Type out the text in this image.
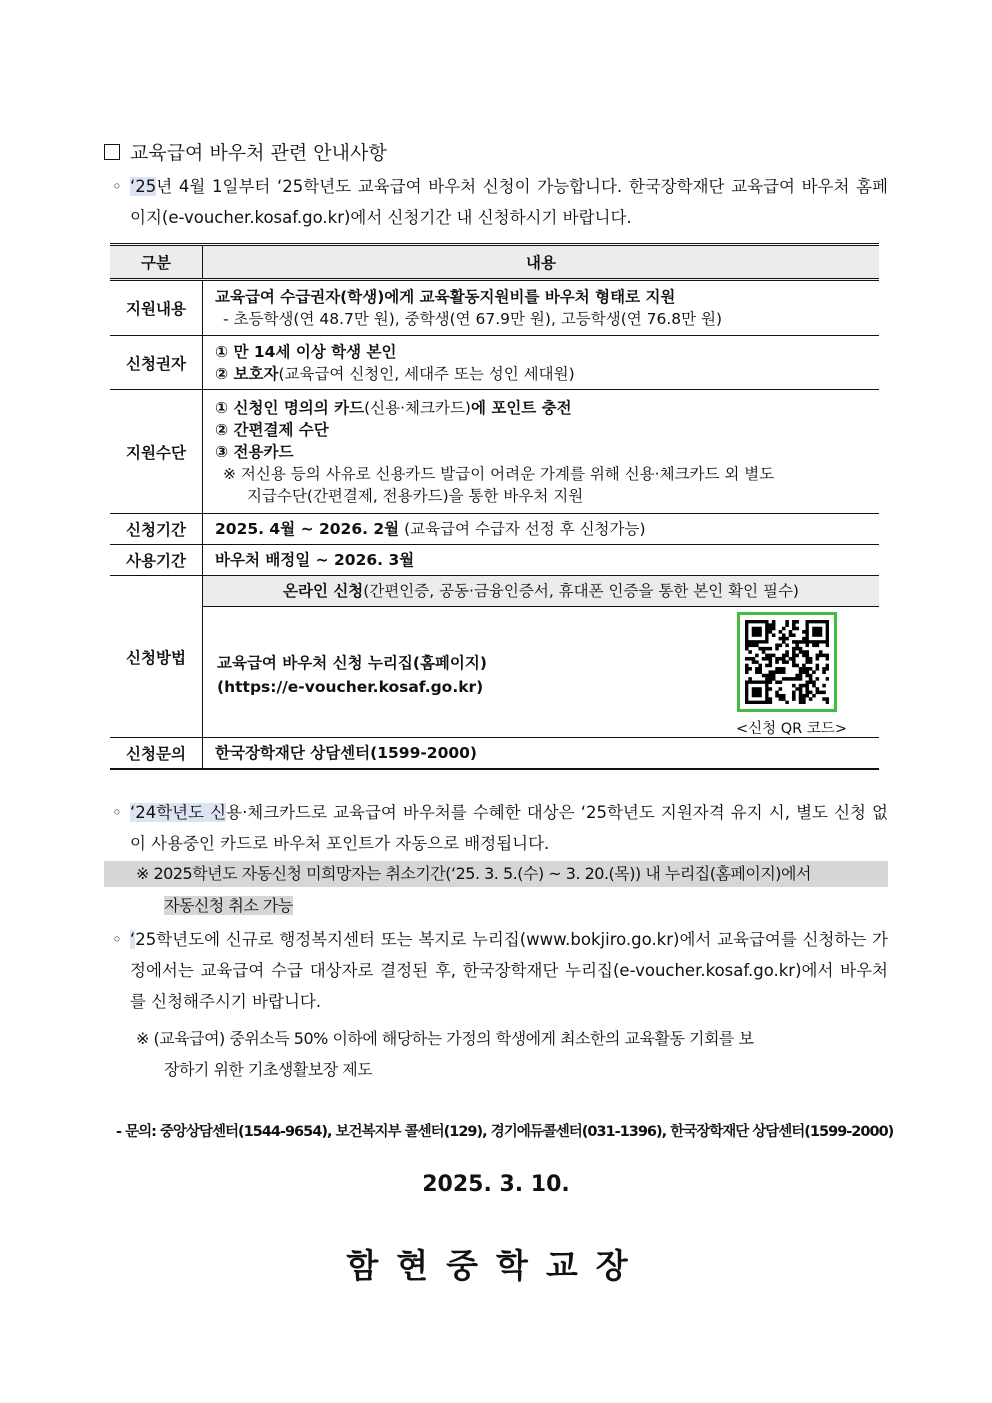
교육급여 바우처 관련 안내사항
◦ ‘25년 4월 1일부터 ‘25학년도 교육급여 바우처 신청이 가능합니다. 한국장학재단 교육급여 바우처 홈페이지(e-voucher.kosaf.go.kr)에서 신청기간 내 신청하시기 바랍니다.
구분	내용
지원내용	교육급여 수급권자(학생)에게 교육활동지원비를 바우처 형태로 지원
- 초등학생(연 48.7만 원), 중학생(연 67.9만 원), 고등학생(연 76.8만 원)

신청권자	① 만 14세 이상 학생 본인
② 보호자(교육급여 신청인, 세대주 또는 성인 세대원)

지원수단	① 신청인 명의의 카드(신용·체크카드)에 포인트 충전
② 간편결제 수단
③ 전용카드
※ 저신용 등의 사유로 신용카드 발급이 어려운 가계를 위해 신용·체크카드 외 별도
지급수단(간편결제, 전용카드)을 통한 바우처 지원

신청기간	2025. 4월 ~ 2026. 2월 (교육급여 수급자 선정 후 신청가능)
사용기간	바우처 배정일 ~ 2026. 3월
신청방법	온라인 신청(간편인증, 공동·금융인증서, 휴대폰 인증을 통한 본인 확인 필수)
교육급여 바우처 신청 누리집(홈페이지)
(https://e-voucher.kosaf.go.kr)
<신청 QR 코드>

신청문의	한국장학재단 상담센터(1599-2000)
◦ ‘24학년도 신용·체크카드로 교육급여 바우처를 수혜한 대상은 ‘25학년도 지원자격 유지 시, 별도 신청 없이 사용중인 카드로 바우처 포인트가 자동으로 배정됩니다.
※ 2025학년도 자동신청 미희망자는 취소기간(‘25. 3. 5.(수) ~ 3. 20.(목)) 내 누리집(홈페이지)에서
자동신청 취소 가능
◦ ‘25학년도에 신규로 행정복지센터 또는 복지로 누리집(www.bokjiro.go.kr)에서 교육급여를 신청하는 가정에서는 교육급여 수급 대상자로 결정된 후, 한국장학재단 누리집(e-voucher.kosaf.go.kr)에서 바우처를 신청해주시기 바랍니다.
※ (교육급여) 중위소득 50% 이하에 해당하는 가정의 학생에게 최소한의 교육활동 기회를 보
장하기 위한 기초생활보장 제도
- 문의: 중앙상담센터(1544-9654), 보건복지부 콜센터(129), 경기에듀콜센터(031-1396), 한국장학재단 상담센터(1599-2000)
2025. 3. 10.
함현중학교장
